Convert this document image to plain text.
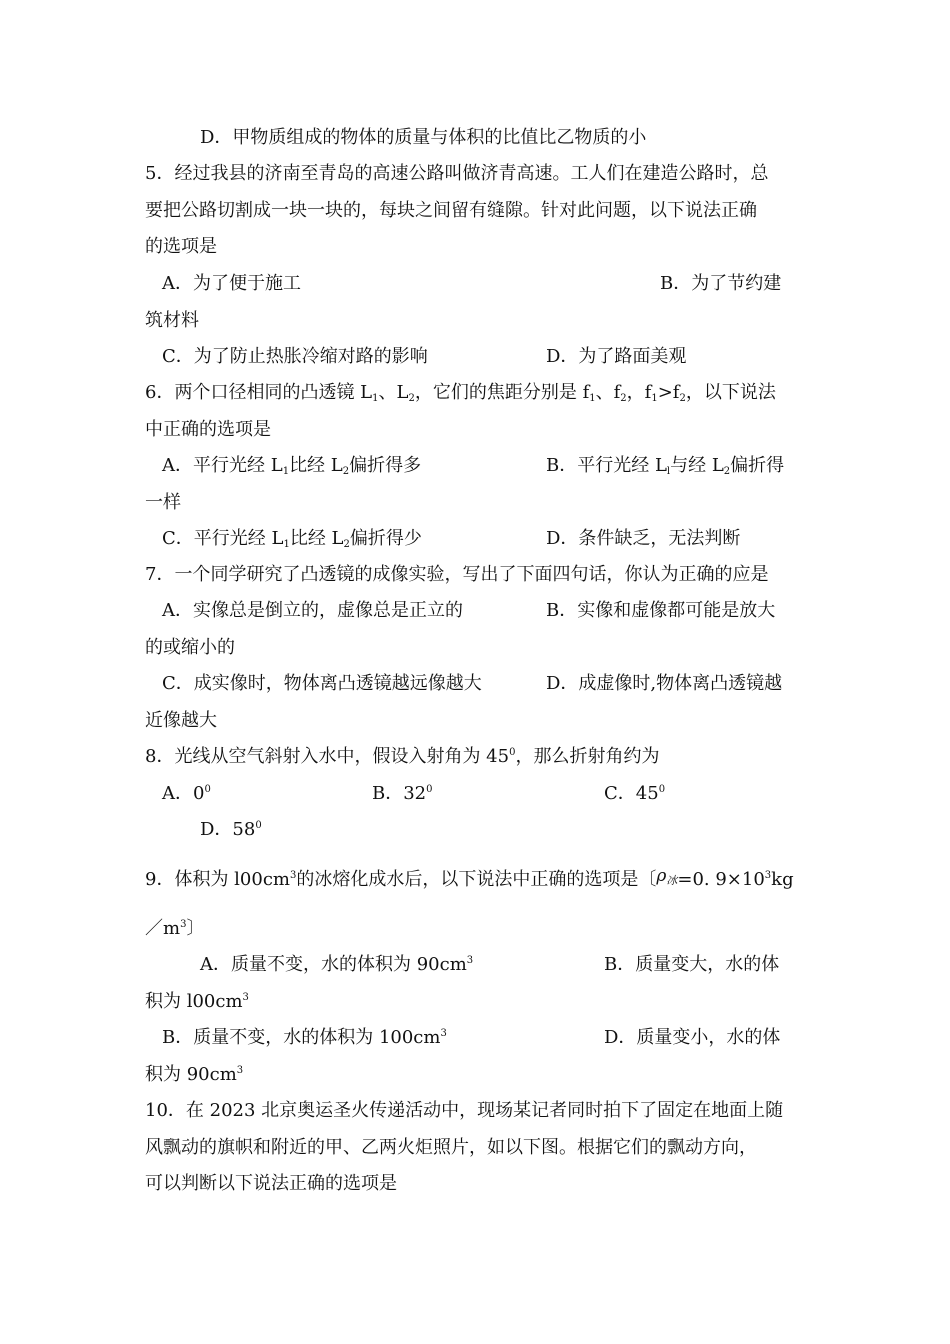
D．甲物质组成的物体的质量与体积的比值比乙物质的小
5．经过我县的济南至青岛的高速公路叫做济青高速。工人们在建造公路时，总
要把公路切割成一块一块的，每块之间留有缝隙。针对此问题，以下说法正确
的选项是
A．为了便于施工	B．为了节约建
筑材料
C．为了防止热胀冷缩对路的影响	D．为了路面美观
6．两个口径相同的凸透镜 $L_1$、$L_2$，它们的焦距分别是 $f_1$、$f_2$，$f_1>f_2$，以下说法
中正确的选项是
A．平行光经 $L_1$比经 $L_2$偏折得多	B．平行光经 $L_l$与经 $L_2$偏折得
一样
C．平行光经 $L_1$比经 $L_2$偏折得少	D．条件缺乏，无法判断
7．一个同学研究了凸透镜的成像实验，写出了下面四句话，你认为正确的应是
A．实像总是倒立的，虚像总是正立的	B．实像和虚像都可能是放大
的或缩小的
C．成实像时，物体离凸透镜越远像越大	D．成虚像时,物体离凸透镜越
近像越大
8．光线从空气斜射入水中，假设入射角为 $45^0$，那么折射角约为
A．$0^0$	B．$32^0$	C．$45^0$
D．$58^0$
9．体积为 $l00cm^3$的冰熔化成水后，以下说法中正确的选项是〔ρ冰=0. $9\times 10^3kg$
$/m^3$〕
A．质量不变，水的体积为 $90cm^3$	B．质量变大，水的体
积为 $l00cm^3$
B．质量不变，水的体积为 $100cm^3$	D．质量变小，水的体
积为 $90cm^3$
10．在 2023 北京奥运圣火传递活动中，现场某记者同时拍下了固定在地面上随
风飘动的旗帜和附近的甲、乙两火炬照片，如以下图。根据它们的飘动方向，
可以判断以下说法正确的选项是
